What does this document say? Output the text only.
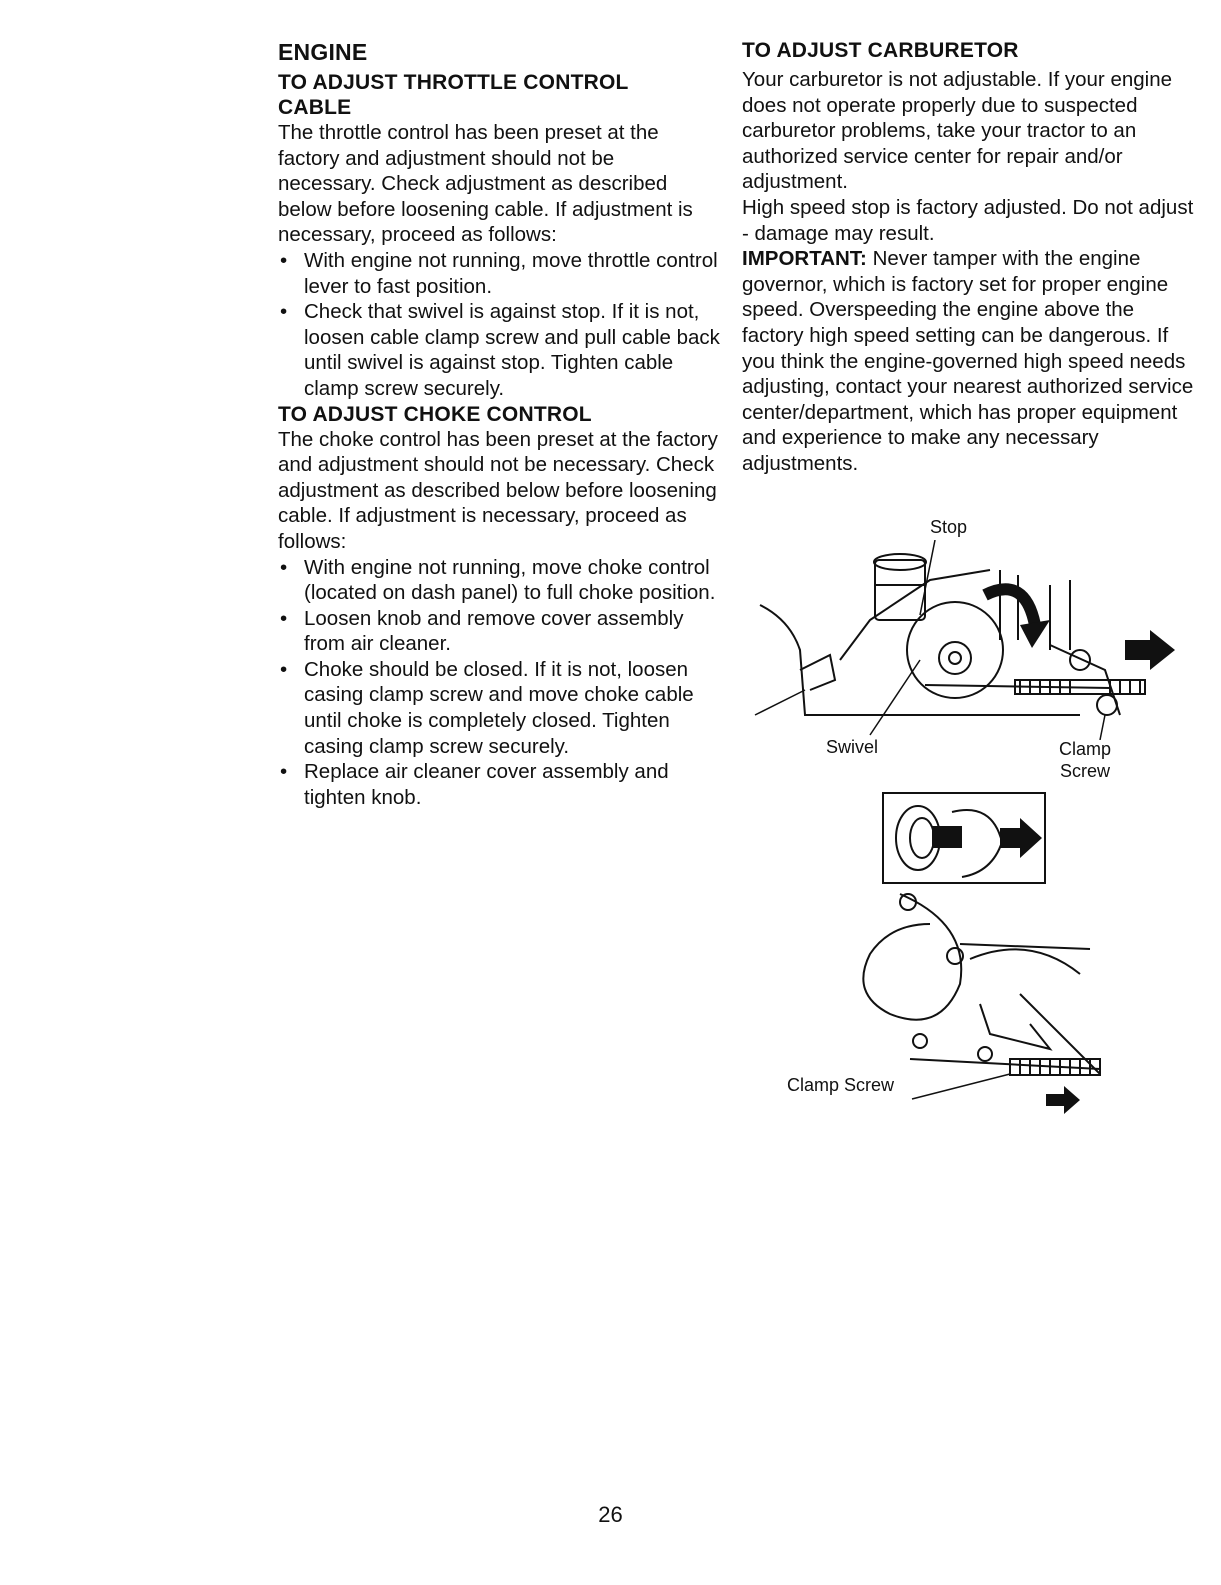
ENGINE
TO ADJUST THROTTLE CONTROL CABLE

The throttle control has been preset at the factory and adjustment should not be necessary. Check adjustment as described below before loosening cable. If adjustment is necessary, proceed as follows:

• With engine not running, move throttle control lever to fast position.
• Check that swivel is against stop. If it is not, loosen cable clamp screw and pull cable back until swivel is against stop. Tighten cable clamp screw securely.
TO ADJUST CHOKE CONTROL

The choke control has been preset at the factory and adjustment should not be necessary. Check adjustment as described below before loosening cable. If adjustment is necessary, proceed as follows:

• With engine not running, move choke control (located on dash panel) to full choke position.
• Loosen knob and remove cover assembly from air cleaner.
• Choke should be closed. If it is not, loosen casing clamp screw and move choke cable until choke is completely closed. Tighten casing clamp screw securely.
• Replace air cleaner cover assembly and tighten knob.
TO ADJUST CARBURETOR

Your carburetor is not adjustable. If your engine does not operate properly due to suspected carburetor problems, take your tractor to an authorized service center for repair and/or adjustment.

High speed stop is factory adjusted. Do not adjust - damage may result.

IMPORTANT: Never tamper with the engine governor, which is factory set for proper engine speed. Overspeeding the engine above the factory high speed setting can be dangerous. If you think the engine-governed high speed needs adjusting, contact your nearest authorized service center/department, which has proper equipment and experience to make any necessary adjustments.

Stop
Swivel	Clamp Screw
Clamp Screw
26
